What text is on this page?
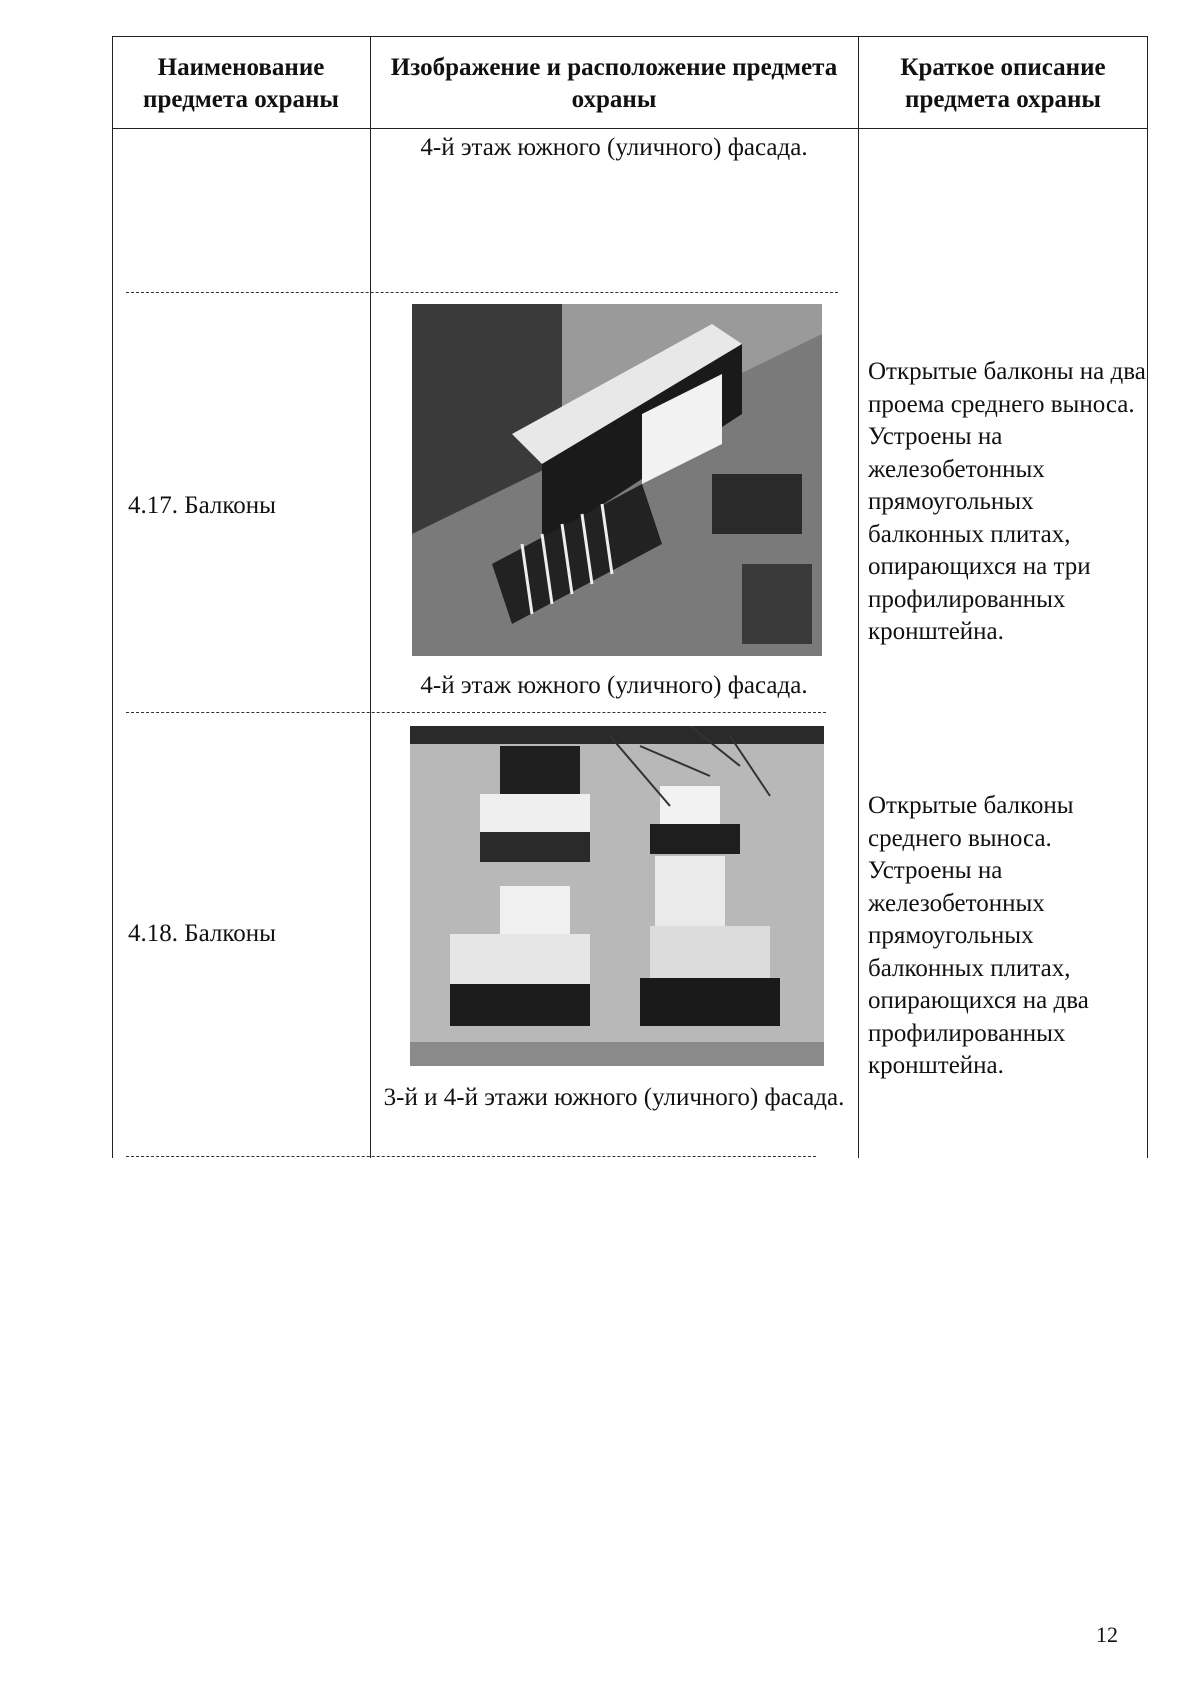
Наименование предмета охраны
Изображение и расположение предмета охраны
Краткое описание предмета охраны
4-й этаж южного (уличного) фасада.
4.17. Балконы
4-й этаж южного (уличного) фасада.
Открытые балконы на два проема среднего выноса. Устроены на железобетонных прямоугольных балконных плитах, опирающихся на три профилированных кронштейна.
4.18. Балконы
3-й и 4-й этажи южного (уличного) фасада.
Открытые балконы среднего выноса. Устроены на железобетонных прямоугольных балконных плитах, опирающихся на два профилированных кронштейна.
12
